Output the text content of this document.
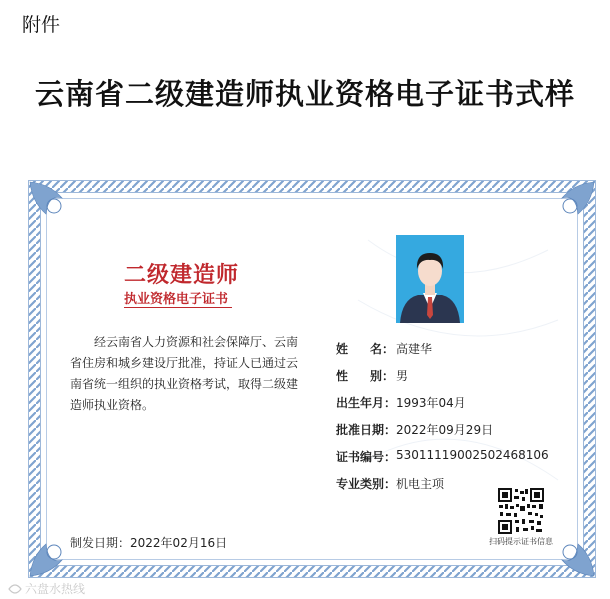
附件
云南省二级建造师执业资格电子证书式样
二级建造师
执业资格电子证书
经云南省人力资源和社会保障厅、云南省住房和城乡建设厅批准，持证人已通过云南省统一组织的执业资格考试，取得二级建造师执业资格。
姓 名： 高建华
性 别： 男
出生年月： 1993年04月
批准日期： 2022年09月29日
证书编号： 53011119002502468106
专业类别： 机电主项
扫码提示证书信息
制发日期：2022年02月16日
六盘水热线
